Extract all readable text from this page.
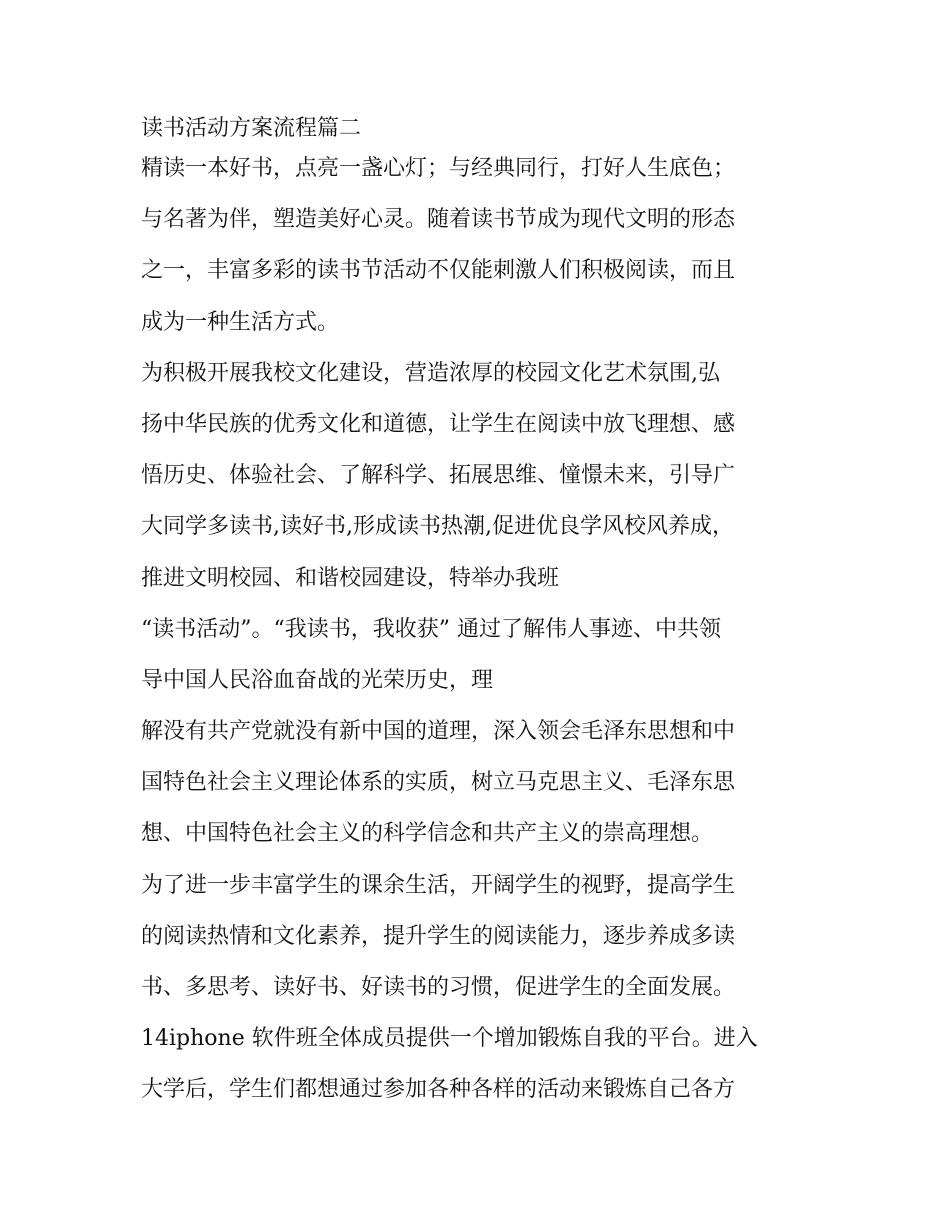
读书活动方案流程篇二

精读一本好书，点亮一盏心灯；与经典同行，打好人生底色；

与名著为伴，塑造美好心灵。随着读书节成为现代文明的形态

之一，丰富多彩的读书节活动不仅能刺激人们积极阅读，而且

成为一种生活方式。

为积极开展我校文化建设，营造浓厚的校园文化艺术氛围,弘

扬中华民族的优秀文化和道德，让学生在阅读中放飞理想、感

悟历史、体验社会、了解科学、拓展思维、憧憬未来，引导广

大同学多读书,读好书,形成读书热潮,促进优良学风校风养成，

推进文明校园、和谐校园建设，特举办我班

“读书活动”。“我读书，我收获” 通过了解伟人事迹、中共领

导中国人民浴血奋战的光荣历史，理

解没有共产党就没有新中国的道理，深入领会毛泽东思想和中

国特色社会主义理论体系的实质，树立马克思主义、毛泽东思

想、中国特色社会主义的科学信念和共产主义的崇高理想。

为了进一步丰富学生的课余生活，开阔学生的视野，提高学生

的阅读热情和文化素养，提升学生的阅读能力，逐步养成多读

书、多思考、读好书、好读书的习惯，促进学生的全面发展。

14iphone 软件班全体成员提供一个增加锻炼自我的平台。进入

大学后，学生们都想通过参加各种各样的活动来锻炼自己各方
